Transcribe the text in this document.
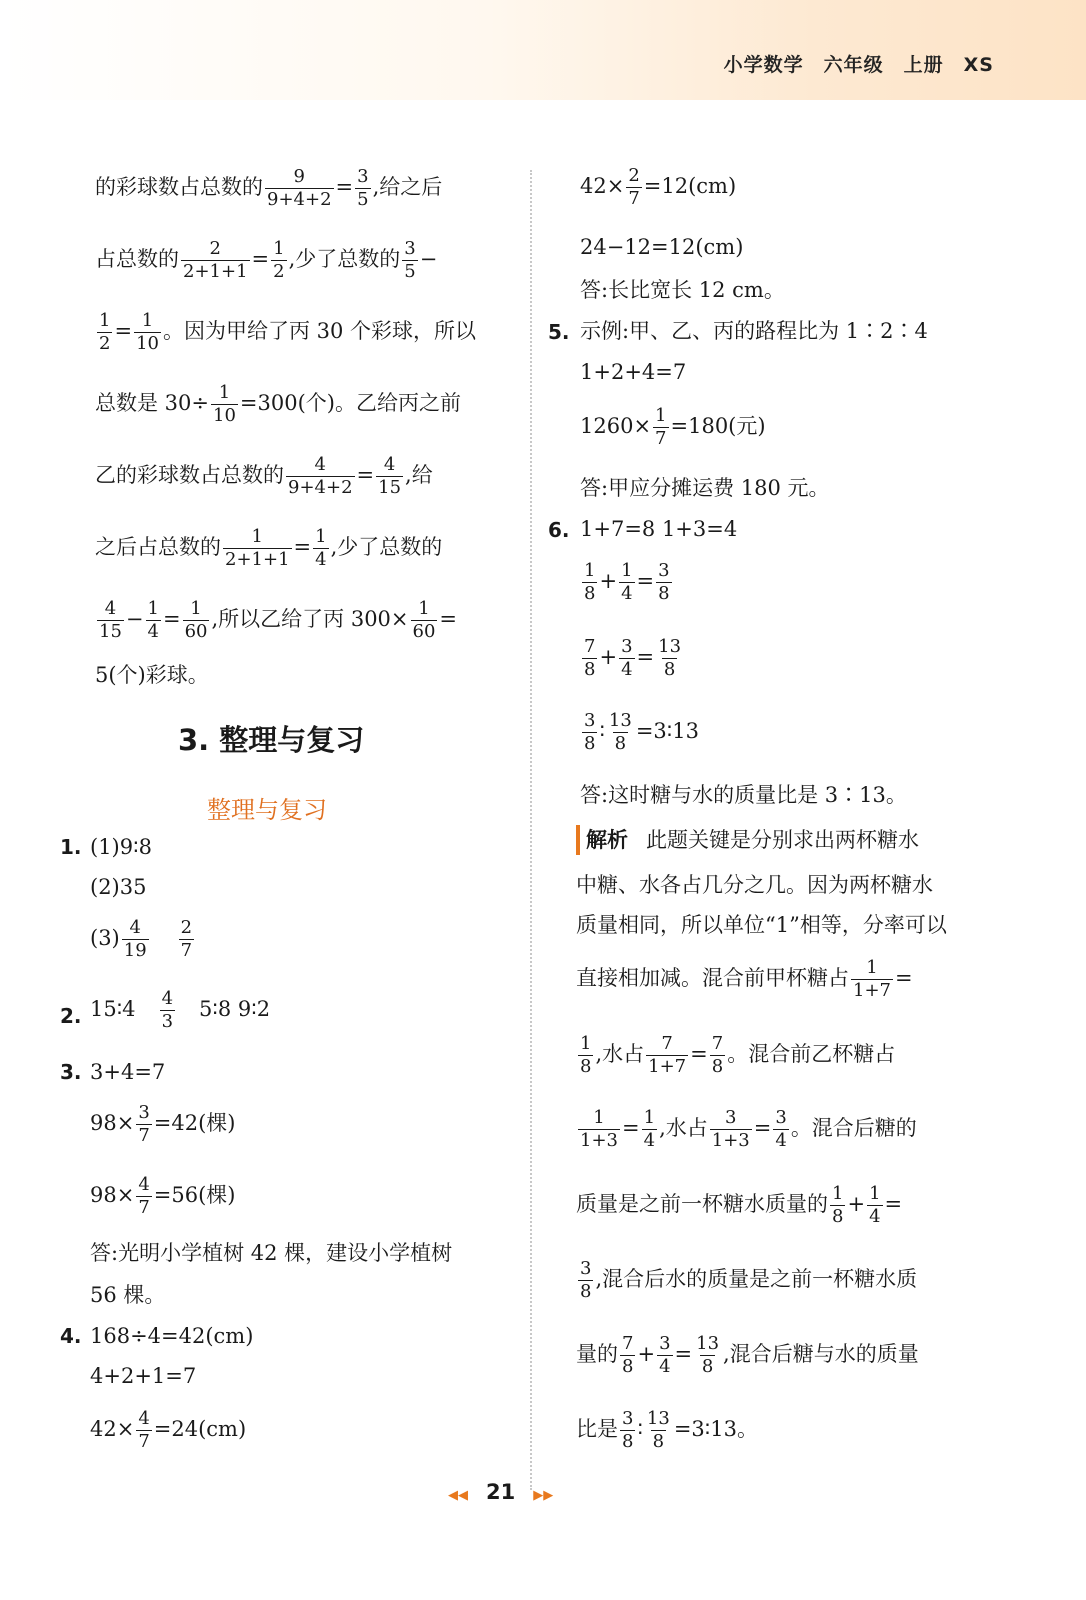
小学数学 六年级 上册 XS
的彩球数占总数的 $\frac{9}{9+4+2} = \frac{3}{5}$ ,给之后
占总数的 $\frac{2}{2+1+1} = \frac{1}{2}$ ,少了总数的 $\frac{3}{5}$ −
$\frac{1}{2} = \frac{1}{10}$ 。因为甲给了丙 30 个彩球，所以
总数是 $30\div \frac{1}{10} =300$(个)。乙给丙之前
乙的彩球数占总数的 $\frac{4}{9+4+2} = \frac{4}{15}$ ,给
之后占总数的 $\frac{1}{2+1+1} = \frac{1}{4}$ ,少了总数的
$\frac{4}{15} - \frac{1}{4} = \frac{1}{60}$ ,所以乙给了丙 $300\times \frac{1}{60}$ =
5(个)彩球。
3. 整理与复习
整理与复习
1. (1)9∶8
(2)35
$(3) \frac{4}{19} \frac{2}{7}$
2. 15∶4 $\frac{4}{3}$ 5∶8 9∶2
3. 3+4=7
$98\times \frac{3}{7} =42$(棵)
$98\times \frac{4}{7} =56$(棵)
答:光明小学植树 42 棵，建设小学植树
56 棵。
4. 168÷4=42(cm)
4+2+1=7
$42\times \frac{4}{7} =24(cm)$
$42\times \frac{2}{7} =12(cm)$
24−12=12(cm)
答:长比宽长 12 cm。
5. 示例:甲、乙、丙的路程比为 1∶2∶4
1+2+4=7
$1260\times \frac{1}{7} =180$(元)
答:甲应分摊运费 180 元。
6. 1+7=8 1+3=4
$\frac{1}{8} + \frac{1}{4} = \frac{3}{8}$
$\frac{7}{8} + \frac{3}{4} = \frac{13}{8}$
$\frac{3}{8}$ ∶ $\frac{13}{8}$ =3∶13
答:这时糖与水的质量比是 3∶13。
解析 此题关键是分别求出两杯糖水
中糖、水各占几分之几。因为两杯糖水
质量相同，所以单位“1”相等，分率可以
直接相加减。混合前甲杯糖占 $\frac{1}{1+7}$ =
$\frac{1}{8}$ ,水占 $\frac{7}{1+7} = \frac{7}{8}$ 。混合前乙杯糖占
$\frac{1}{1+3} = \frac{1}{4}$ ,水占 $\frac{3}{1+3} = \frac{3}{4}$ 。混合后糖的
质量是之前一杯糖水质量的 $\frac{1}{8} + \frac{1}{4}$ =
$\frac{3}{8}$ ,混合后水的质量是之前一杯糖水质
量的 $\frac{7}{8} + \frac{3}{4} = \frac{13}{8}$ ,混合后糖与水的质量
比是 $\frac{3}{8}$ ∶ $\frac{13}{8}$ =3∶13。
◀◀ 21 ▶▶
